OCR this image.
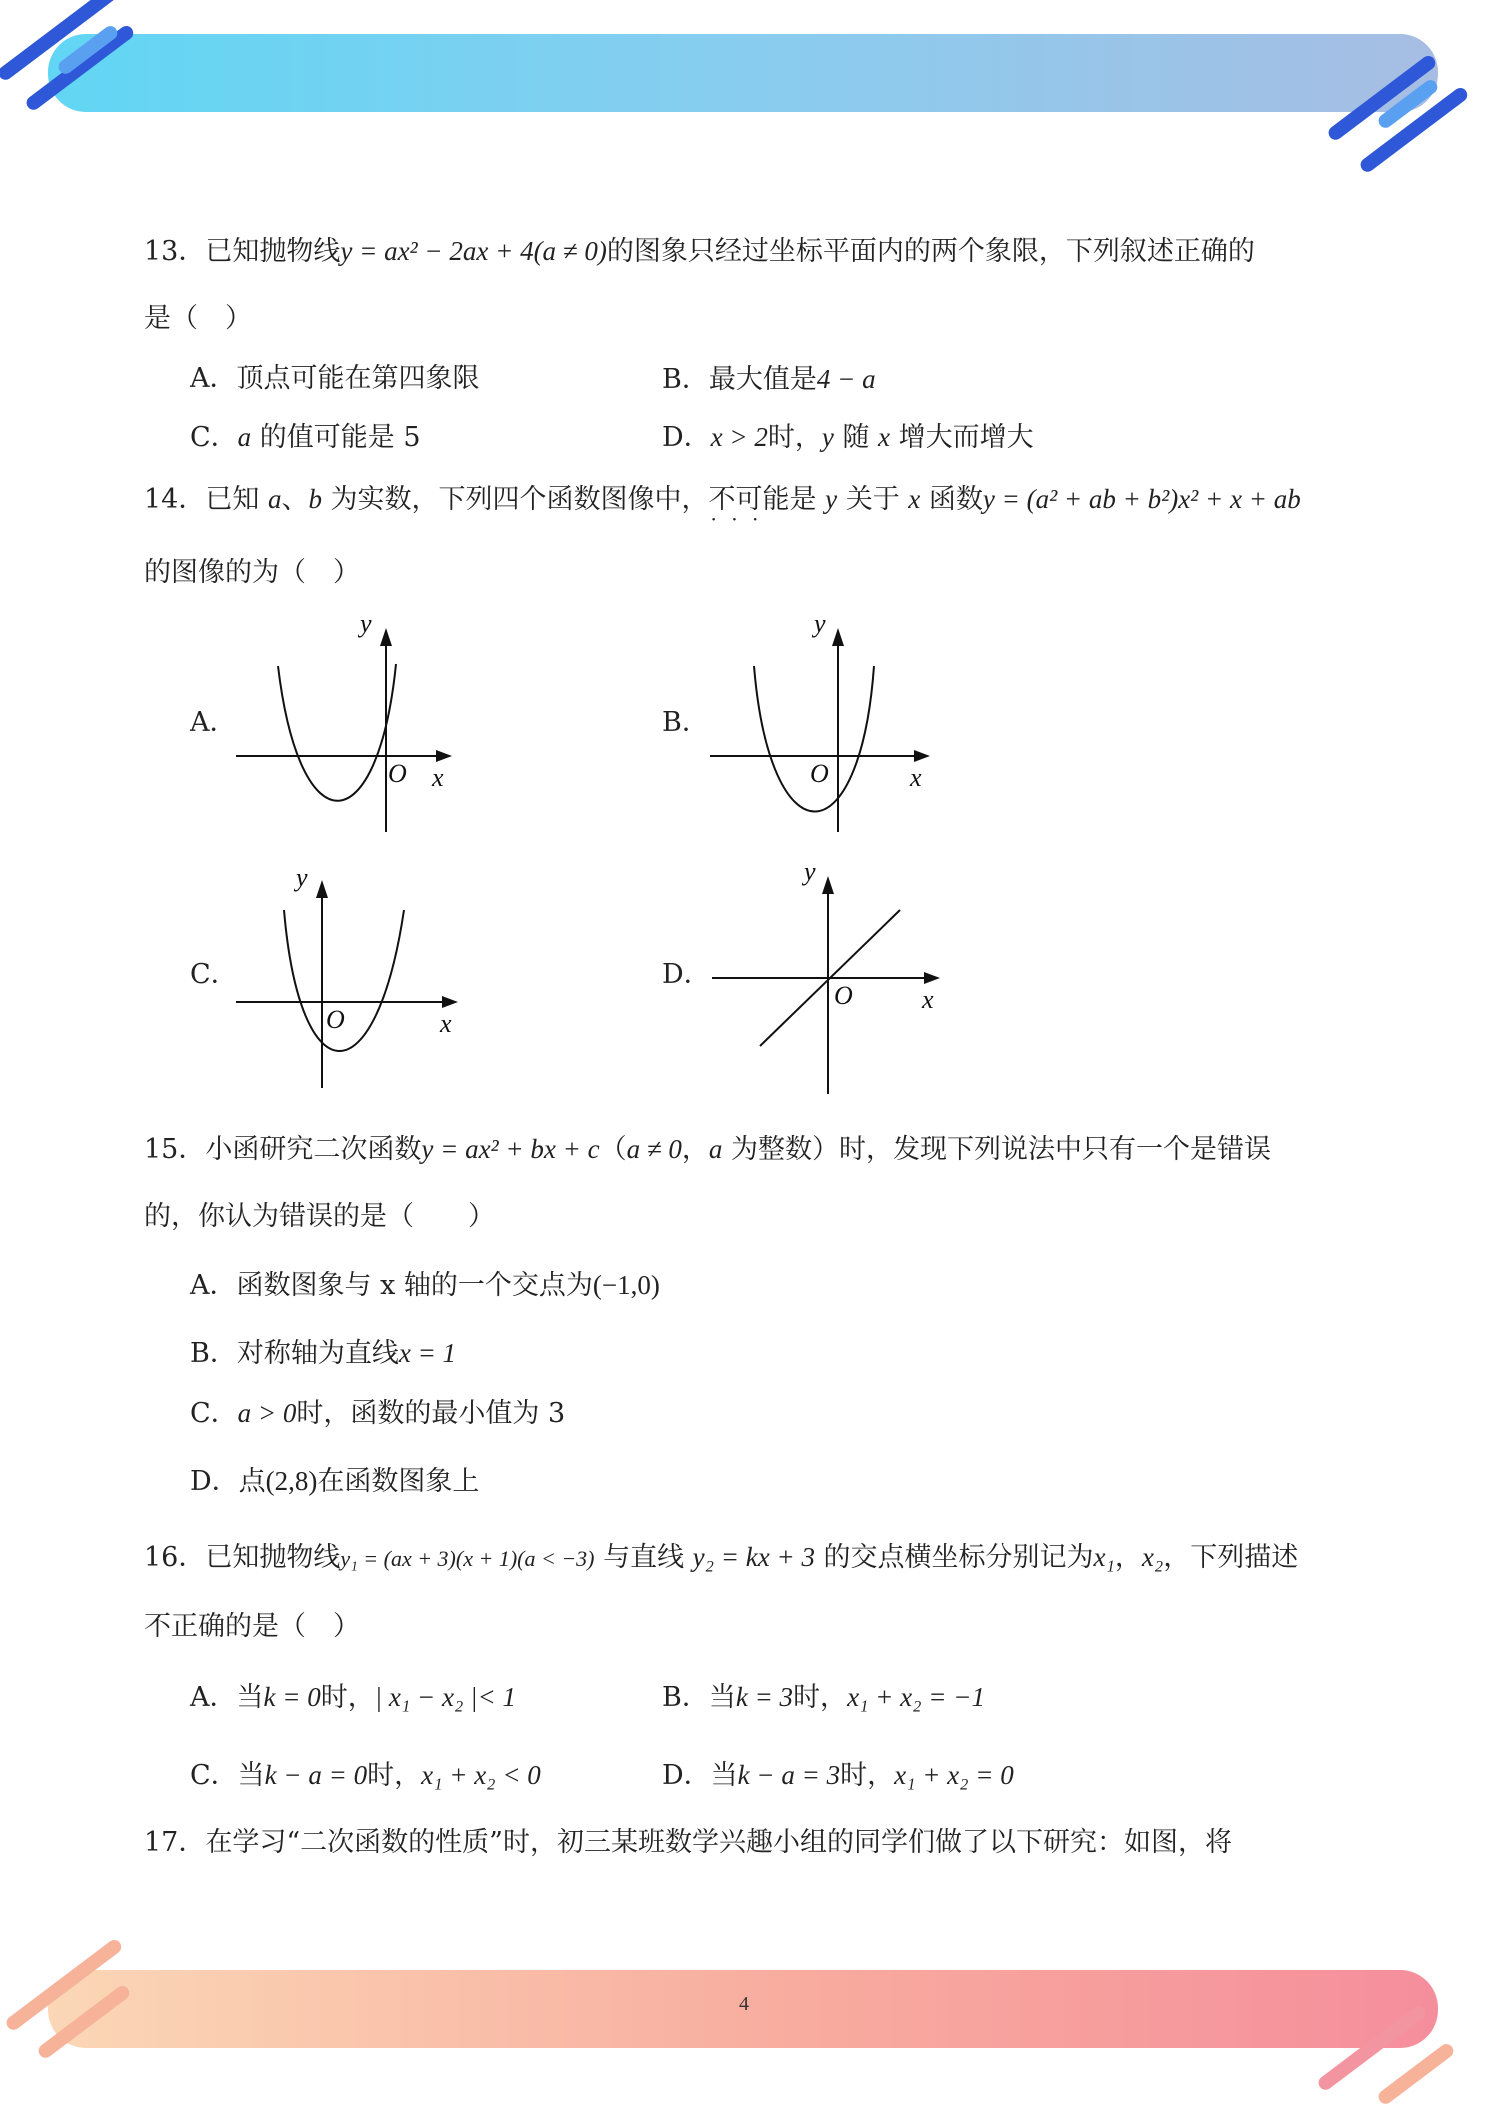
4
13．已知抛物线y = ax² − 2ax + 4(a ≠ 0)的图象只经过坐标平面内的两个象限，下列叙述正确的
是（　）
A．顶点可能在第四象限	B．最大值是4 − a
C．a 的值可能是 5	D．x > 2时，y 随 x 增大而增大
14．已知 a、b 为实数，下列四个函数图像中，不可能 · · ·是 y 关于 x 函数y = (a² + ab + b²)x² + x + ab
的图像的为（　）
A．	B．
C．	D．
y
O x
y
O	x
y
O	x
y
O	x
15．小函研究二次函数y = ax² + bx + c（a ≠ 0，a 为整数）时，发现下列说法中只有一个是错误
的，你认为错误的是（　　）
A．函数图象与 x 轴的一个交点为(−1,0)
B．对称轴为直线x = 1
C．a > 0时，函数的最小值为 3
D．点(2,8)在函数图象上
16．已知抛物线y₁ = (ax + 3)(x + 1)(a < −3) 与直线 y₂ = kx + 3 的交点横坐标分别记为x₁，x₂，下列描述
不正确的是（　）
A．当k = 0时，| x₁ − x₂ |< 1	B．当k = 3时，x₁ + x₂ = −1
C．当k − a = 0时，x₁ + x₂ < 0	D．当k − a = 3时，x₁ + x₂ = 0
17．在学习“二次函数的性质”时，初三某班数学兴趣小组的同学们做了以下研究：如图，将
